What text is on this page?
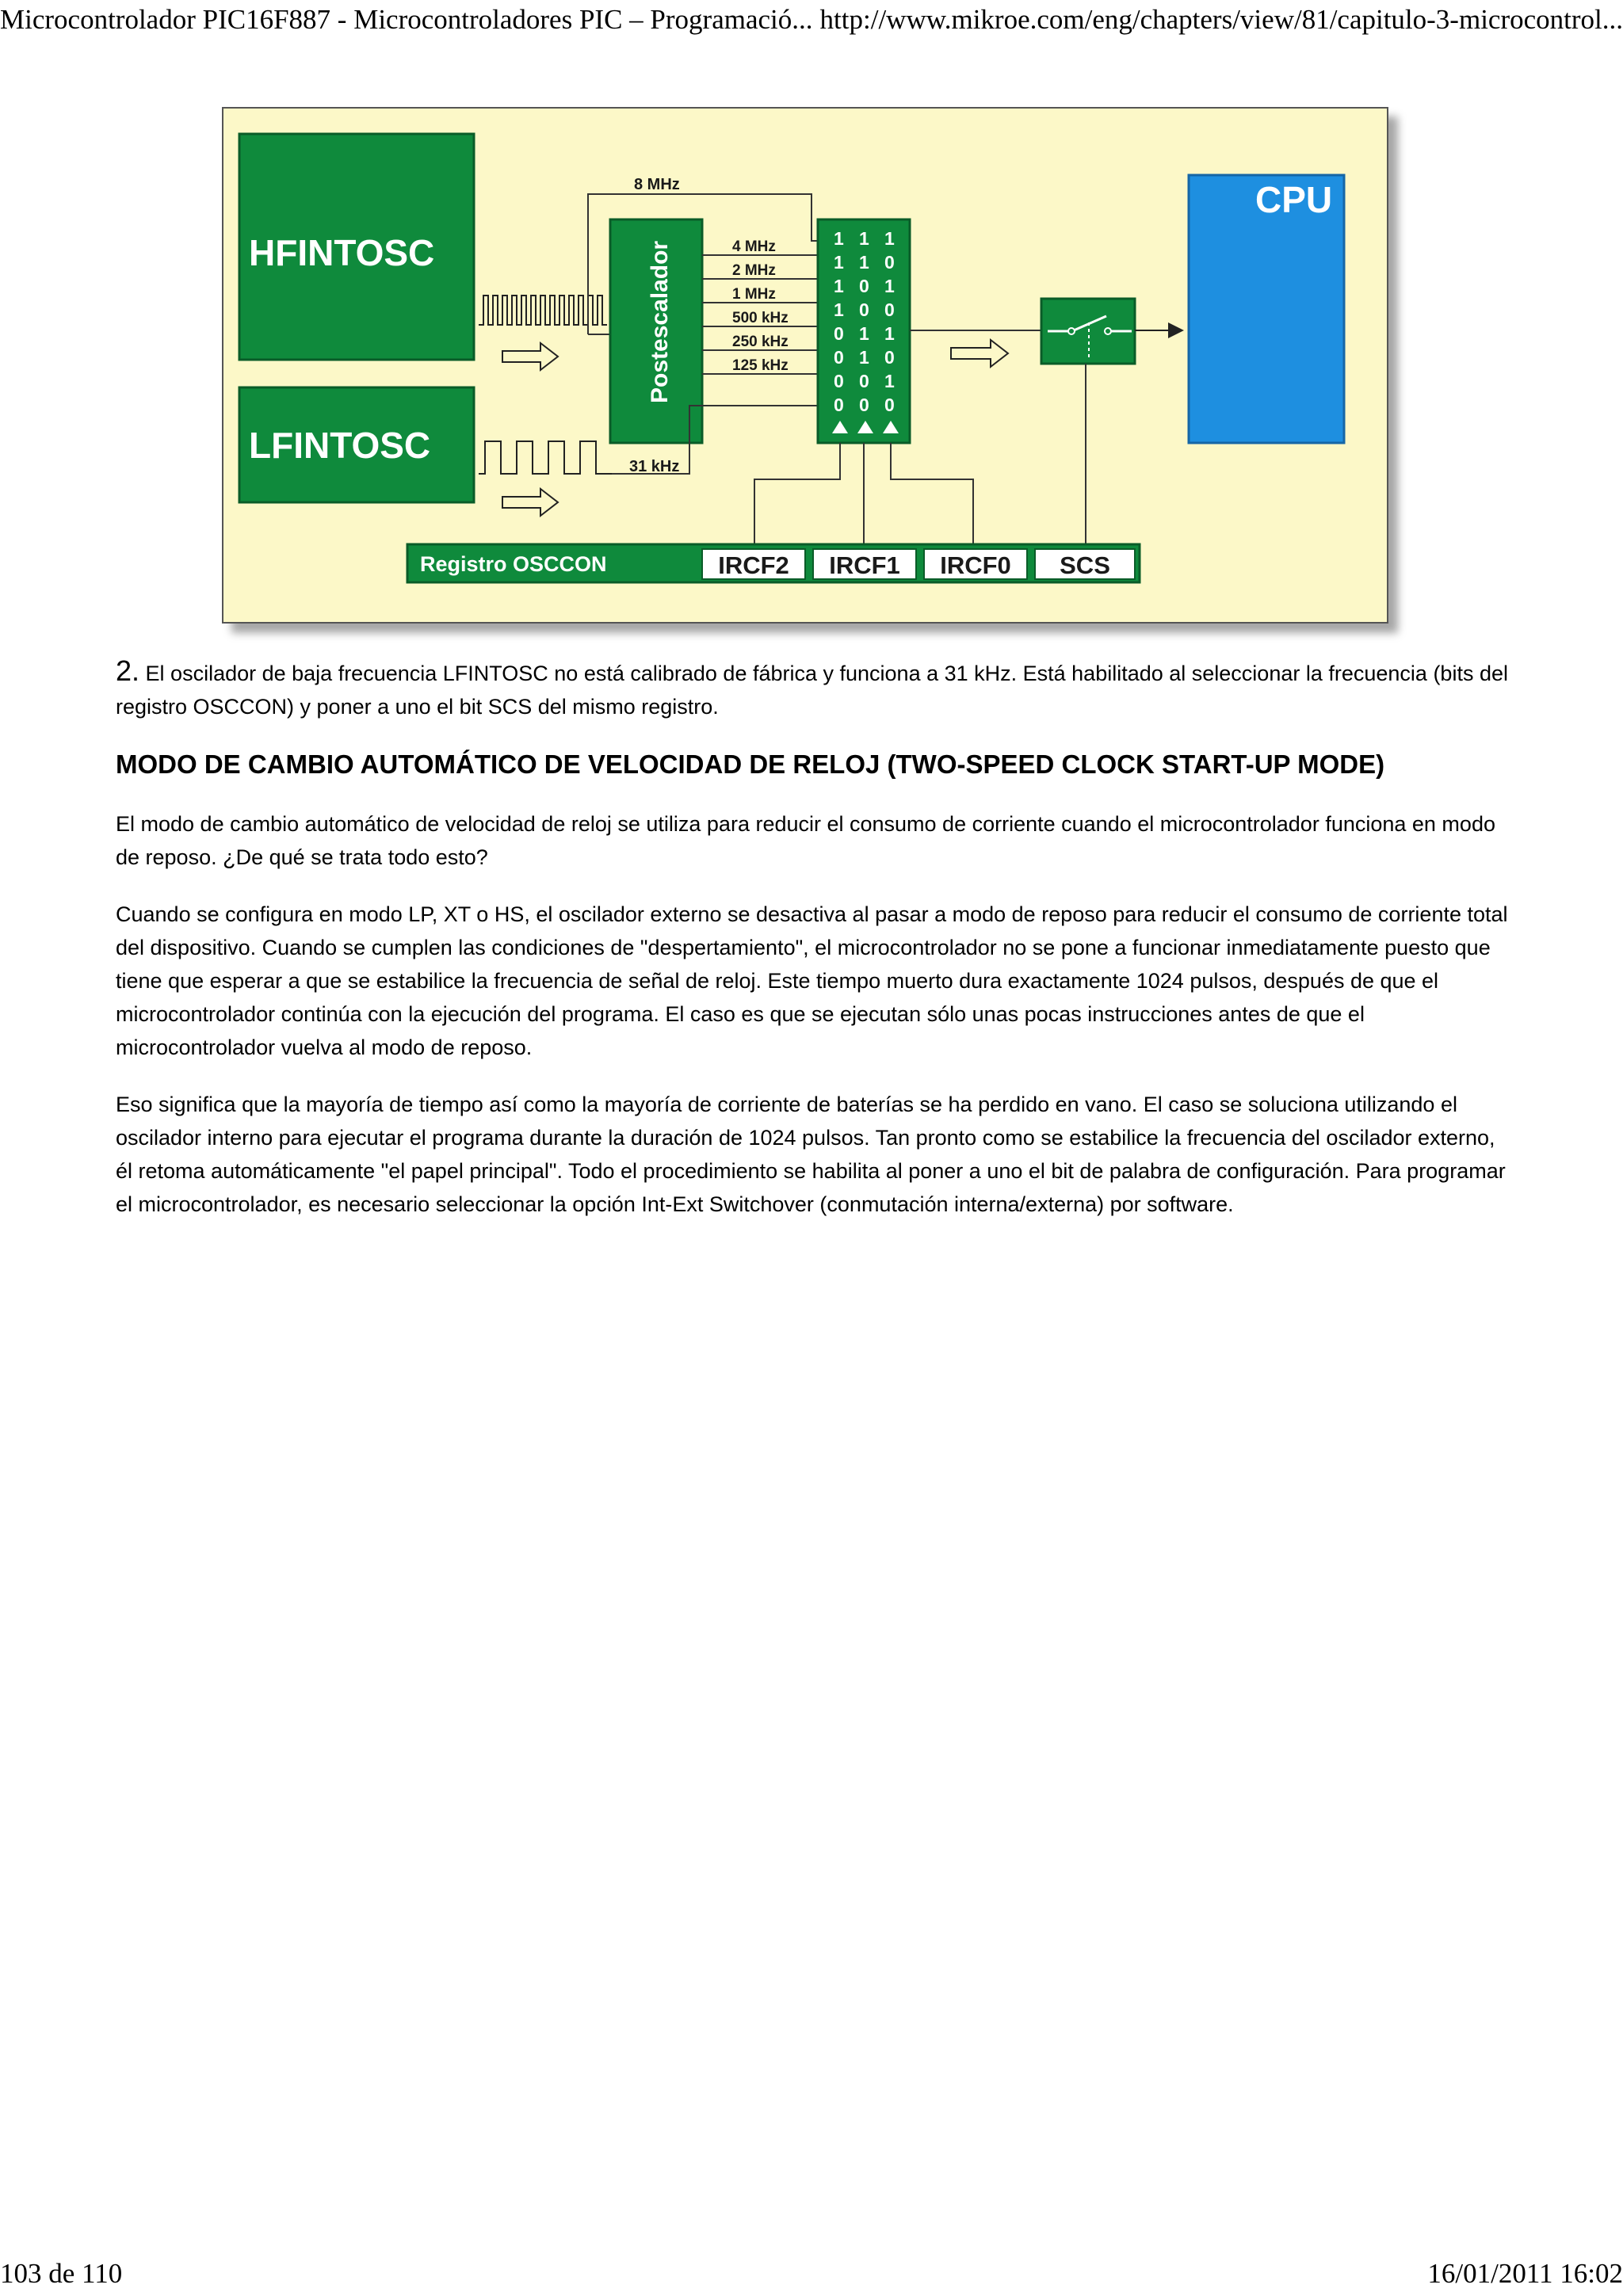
Microcontrolador PIC16F887 - Microcontroladores PIC – Programació... http://www.mikroe.com/eng/chapters/view/81/capitulo-3-microcontrol...
HFINTOSC
LFINTOSC
8 MHz
Postescalador	4 MHz
2 MHz
1 MHz
500 kHz
250 kHz
125 kHz
31 kHz
1 1 1
1 1 0
1 0 1
1 0 0
0 1 1
0 1 0
0 0 1
0 0 0
CPU
Registro OSCCON	IRCF2 IRCF1 IRCF0 SCS

2. El oscilador de baja frecuencia LFINTOSC no está calibrado de fábrica y funciona a 31 kHz. Está habilitado al seleccionar la frecuencia (bits del registro OSCCON) y poner a uno el bit SCS del mismo registro.

MODO DE CAMBIO AUTOMÁTICO DE VELOCIDAD DE RELOJ (TWO-SPEED CLOCK START-UP MODE)

El modo de cambio automático de velocidad de reloj se utiliza para reducir el consumo de corriente cuando el microcontrolador funciona en modo de reposo. ¿De qué se trata todo esto?

Cuando se configura en modo LP, XT o HS, el oscilador externo se desactiva al pasar a modo de reposo para reducir el consumo de corriente total del dispositivo. Cuando se cumplen las condiciones de "despertamiento", el microcontrolador no se pone a funcionar inmediatamente puesto que tiene que esperar a que se estabilice la frecuencia de señal de reloj. Este tiempo muerto dura exactamente 1024 pulsos, después de que el microcontrolador continúa con la ejecución del programa. El caso es que se ejecutan sólo unas pocas instrucciones antes de que el microcontrolador vuelva al modo de reposo.

Eso significa que la mayoría de tiempo así como la mayoría de corriente de baterías se ha perdido en vano. El caso se soluciona utilizando el oscilador interno para ejecutar el programa durante la duración de 1024 pulsos. Tan pronto como se estabilice la frecuencia del oscilador externo, él retoma automáticamente "el papel principal". Todo el procedimiento se habilita al poner a uno el bit de palabra de configuración. Para programar el microcontrolador, es necesario seleccionar la opción Int-Ext Switchover (conmutación interna/externa) por software.

103 de 110	16/01/2011 16:02
